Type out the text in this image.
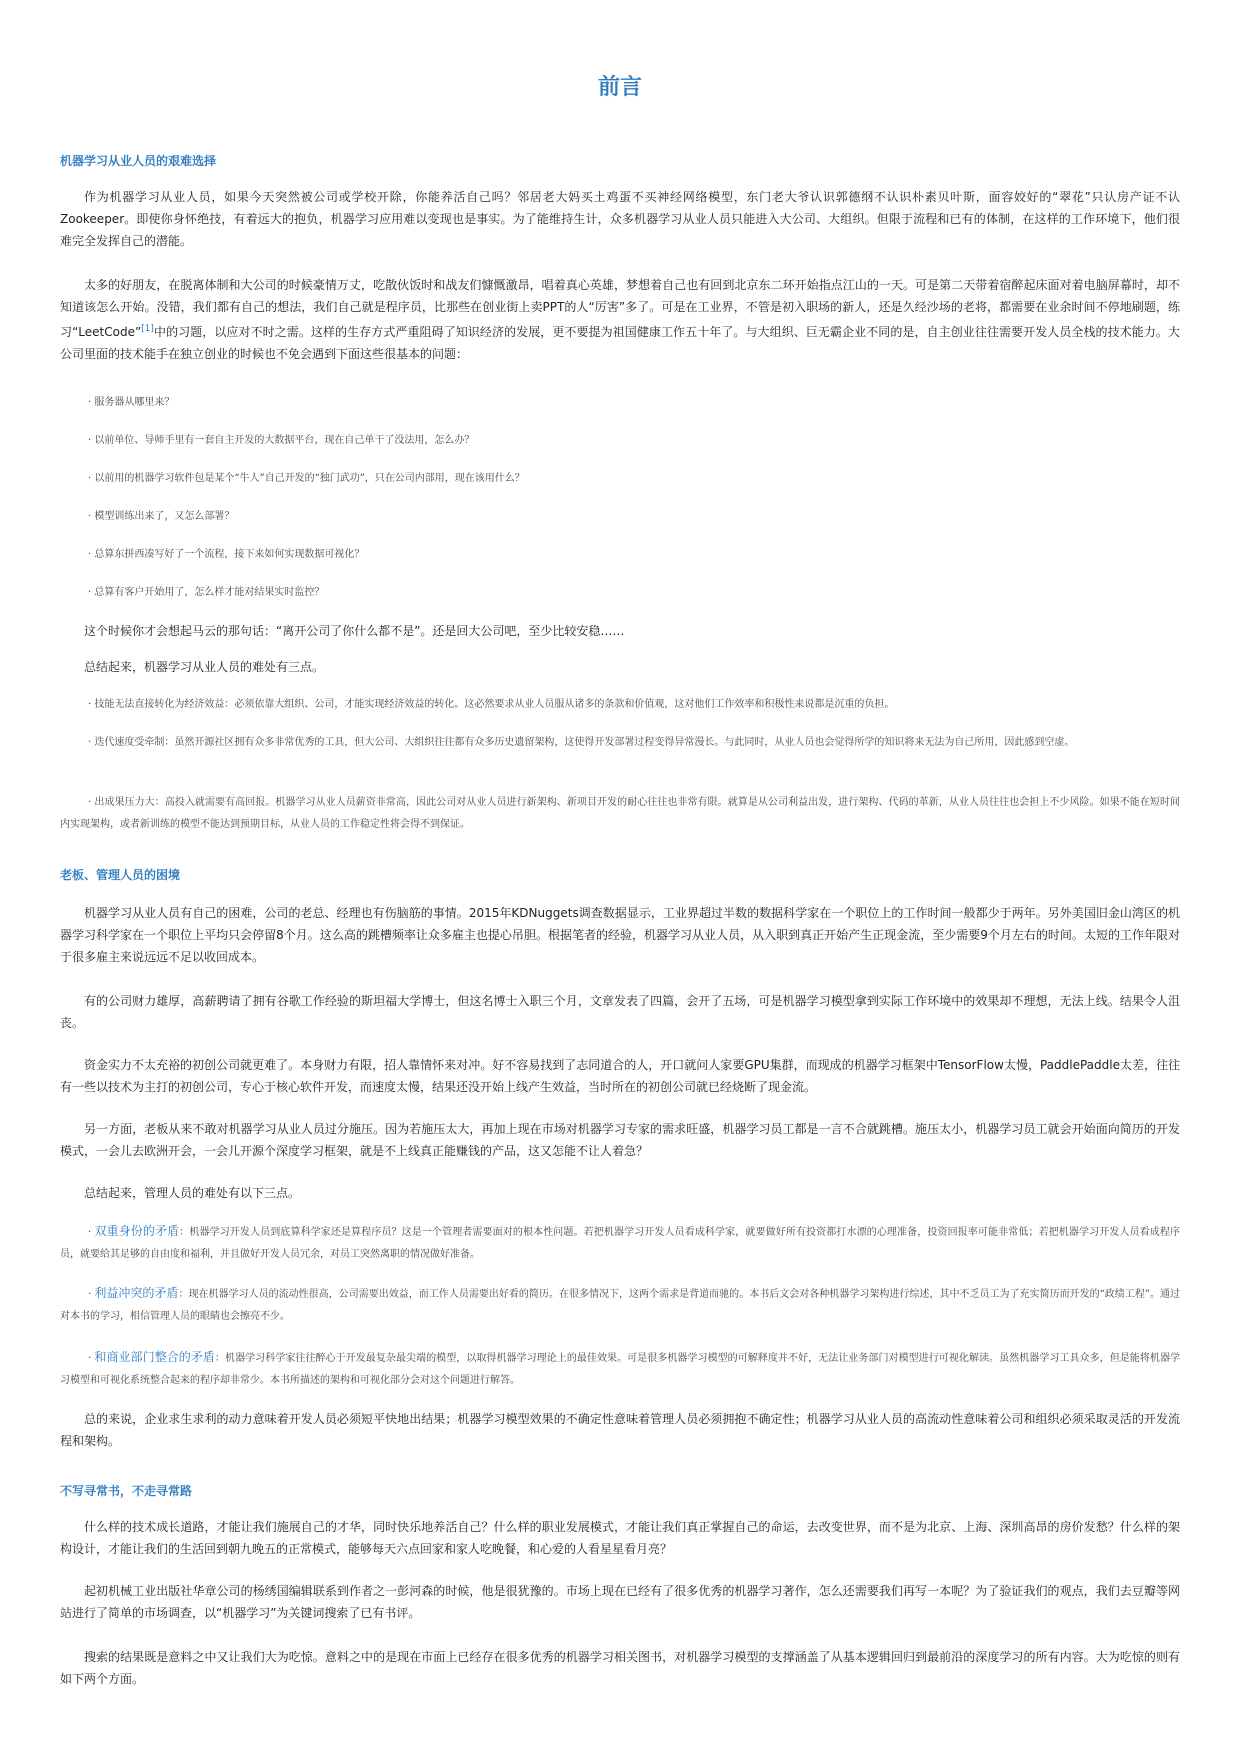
前言
机器学习从业人员的艰难选择

作为机器学习从业人员，如果今天突然被公司或学校开除，你能养活自己吗？邻居老大妈买土鸡蛋不买神经网络模型，东门老大爷认识郭德纲不认识朴素贝叶斯，面容姣好的“翠花”只认房产证不认Zookeeper。即使你身怀绝技，有着远大的抱负，机器学习应用难以变现也是事实。为了能维持生计，众多机器学习从业人员只能进入大公司、大组织。但限于流程和已有的体制，在这样的工作环境下，他们很难完全发挥自己的潜能。

太多的好朋友，在脱离体制和大公司的时候豪情万丈，吃散伙饭时和战友们慷慨激昂，唱着真心英雄，梦想着自己也有回到北京东二环开始指点江山的一天。可是第二天带着宿醉起床面对着电脑屏幕时，却不知道该怎么开始。没错，我们都有自己的想法，我们自己就是程序员，比那些在创业街上卖PPT的人“厉害”多了。可是在工业界，不管是初入职场的新人，还是久经沙场的老将，都需要在业余时间不停地刷题，练习“LeetCode”[1]中的习题，以应对不时之需。这样的生存方式严重阻碍了知识经济的发展，更不要提为祖国健康工作五十年了。与大组织、巨无霸企业不同的是，自主创业往往需要开发人员全栈的技术能力。大公司里面的技术能手在独立创业的时候也不免会遇到下面这些很基本的问题：

· 服务器从哪里来？

· 以前单位、导师手里有一套自主开发的大数据平台，现在自己单干了没法用，怎么办？

· 以前用的机器学习软件包是某个“牛人”自己开发的“独门武功”，只在公司内部用，现在该用什么？

· 模型训练出来了，又怎么部署？

· 总算东拼西凑写好了一个流程，接下来如何实现数据可视化？

· 总算有客户开始用了，怎么样才能对结果实时监控？

这个时候你才会想起马云的那句话：“离开公司了你什么都不是”。还是回大公司吧，至少比较安稳……

总结起来，机器学习从业人员的难处有三点。

· 技能无法直接转化为经济效益：必须依靠大组织、公司，才能实现经济效益的转化。这必然要求从业人员服从诸多的条款和价值观，这对他们工作效率和积极性来说都是沉重的负担。

· 迭代速度受牵制：虽然开源社区拥有众多非常优秀的工具，但大公司、大组织往往都有众多历史遗留架构，这使得开发部署过程变得异常漫长。与此同时，从业人员也会觉得所学的知识将来无法为自己所用，因此感到空虚。

· 出成果压力大：高投入就需要有高回报。机器学习从业人员薪资非常高，因此公司对从业人员进行新架构、新项目开发的耐心往往也非常有限。就算是从公司利益出发，进行架构、代码的革新，从业人员往往也会担上不少风险。如果不能在短时间内实现架构，或者新训练的模型不能达到预期目标，从业人员的工作稳定性将会得不到保证。

老板、管理人员的困境

机器学习从业人员有自己的困难，公司的老总、经理也有伤脑筋的事情。2015年KDNuggets调查数据显示，工业界超过半数的数据科学家在一个职位上的工作时间一般都少于两年。另外美国旧金山湾区的机器学习科学家在一个职位上平均只会停留8个月。这么高的跳槽频率让众多雇主也提心吊胆。根据笔者的经验，机器学习从业人员，从入职到真正开始产生正现金流，至少需要9个月左右的时间。太短的工作年限对于很多雇主来说远远不足以收回成本。

有的公司财力雄厚，高薪聘请了拥有谷歌工作经验的斯坦福大学博士，但这名博士入职三个月，文章发表了四篇，会开了五场，可是机器学习模型拿到实际工作环境中的效果却不理想，无法上线。结果令人沮丧。

资金实力不太充裕的初创公司就更难了。本身财力有限，招人靠情怀来对冲。好不容易找到了志同道合的人，开口就问人家要GPU集群，而现成的机器学习框架中TensorFlow太慢，PaddlePaddle太差，往往有一些以技术为主打的初创公司，专心于核心软件开发，而速度太慢，结果还没开始上线产生效益，当时所在的初创公司就已经烧断了现金流。

另一方面，老板从来不敢对机器学习从业人员过分施压。因为若施压太大，再加上现在市场对机器学习专家的需求旺盛，机器学习员工都是一言不合就跳槽。施压太小，机器学习员工就会开始面向简历的开发模式，一会儿去欧洲开会，一会儿开源个深度学习框架，就是不上线真正能赚钱的产品，这又怎能不让人着急？

总结起来，管理人员的难处有以下三点。

· 双重身份的矛盾：机器学习开发人员到底算科学家还是算程序员？这是一个管理者需要面对的根本性问题。若把机器学习开发人员看成科学家，就要做好所有投资都打水漂的心理准备，投资回报率可能非常低；若把机器学习开发人员看成程序员，就要给其足够的自由度和福利，并且做好开发人员冗余，对员工突然离职的情况做好准备。

· 利益冲突的矛盾：现在机器学习人员的流动性很高，公司需要出效益，而工作人员需要出好看的简历。在很多情况下，这两个需求是背道而驰的。本书后文会对各种机器学习架构进行综述，其中不乏员工为了充实简历而开发的“政绩工程”。通过对本书的学习，相信管理人员的眼睛也会擦亮不少。

· 和商业部门整合的矛盾：机器学习科学家往往醉心于开发最复杂最尖端的模型，以取得机器学习理论上的最佳效果。可是很多机器学习模型的可解释度并不好，无法让业务部门对模型进行可视化解读。虽然机器学习工具众多，但是能将机器学习模型和可视化系统整合起来的程序却非常少。本书所描述的架构和可视化部分会对这个问题进行解答。

总的来说，企业求生求利的动力意味着开发人员必须短平快地出结果；机器学习模型效果的不确定性意味着管理人员必须拥抱不确定性；机器学习从业人员的高流动性意味着公司和组织必须采取灵活的开发流程和架构。

不写寻常书，不走寻常路

什么样的技术成长道路，才能让我们施展自己的才华，同时快乐地养活自己？什么样的职业发展模式，才能让我们真正掌握自己的命运，去改变世界，而不是为北京、上海、深圳高昂的房价发愁？什么样的架构设计，才能让我们的生活回到朝九晚五的正常模式，能够每天六点回家和家人吃晚餐，和心爱的人看星星看月亮？

起初机械工业出版社华章公司的杨绣国编辑联系到作者之一彭河森的时候，他是很犹豫的。市场上现在已经有了很多优秀的机器学习著作，怎么还需要我们再写一本呢？为了验证我们的观点，我们去豆瓣等网站进行了简单的市场调查，以“机器学习”为关键词搜索了已有书评。

搜索的结果既是意料之中又让我们大为吃惊。意料之中的是现在市面上已经存在很多优秀的机器学习相关图书，对机器学习模型的支撑涵盖了从基本逻辑回归到最前沿的深度学习的所有内容。大为吃惊的则有如下两个方面。
